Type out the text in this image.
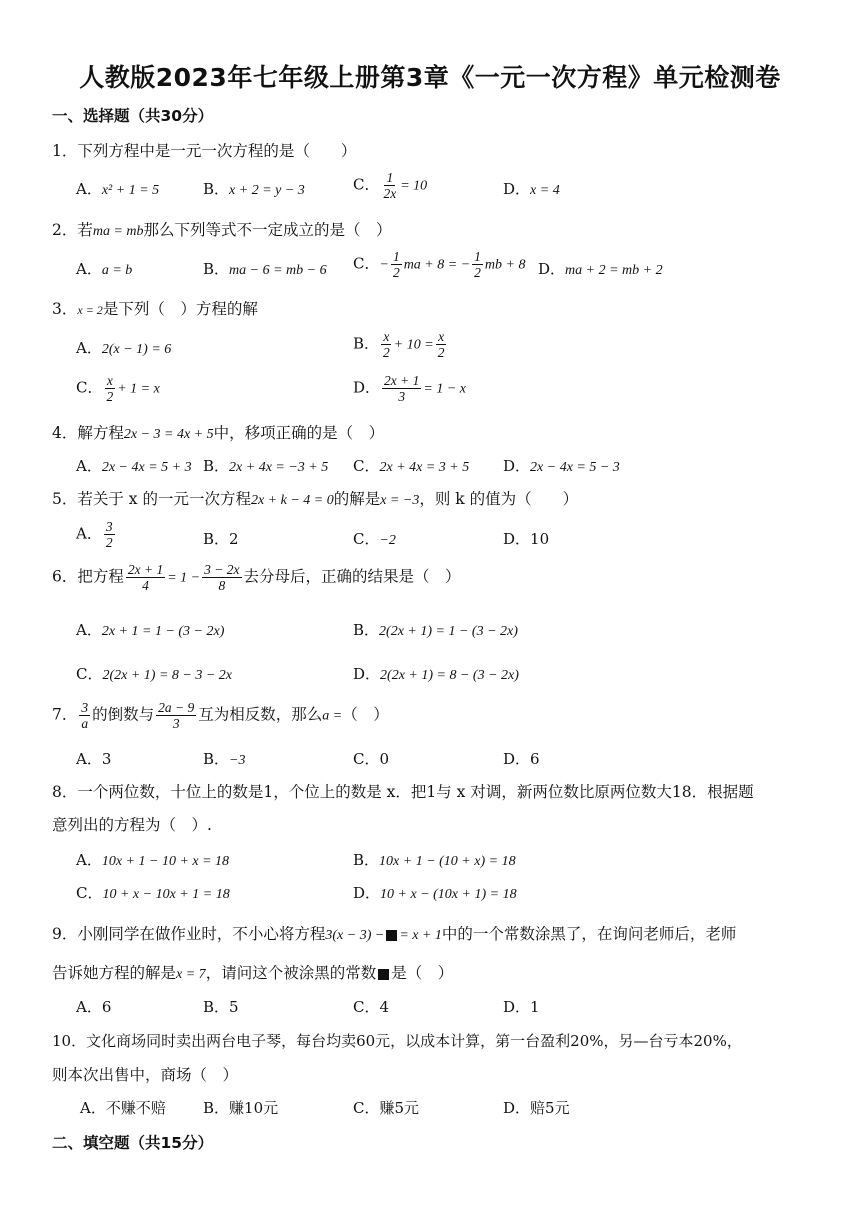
人教版2023年七年级上册第3章《一元一次方程》单元检测卷
一、选择题（共30分）
1．下列方程中是一元一次方程的是（　　）
A．x² + 1 = 5	B．x + 2 = y − 3	C． $\frac{1}{2x} = 10$	D．x = 4
2．若ma = mb那么下列等式不一定成立的是（　）
A．a = b	B．ma − 6 = mb − 6 C．− $\frac{1}{2}$ ma + 8 = − $\frac{1}{2}$ mb + 8 D．ma + 2 = mb + 2
3．x = 2是下列（　）方程的解
A．2(x − 1) = 6	B． $\frac{x}{2} + 10 = \frac{x}{2}$
C． $\frac{x}{2} + 1 = x$	D． $\frac{2x + 1}{3} = 1 - x$
4．解方程2x − 3 = 4x + 5中，移项正确的是（　）
A．2x − 4x = 5 + 3 B．2x + 4x = −3 + 5 C．2x + 4x = 3 + 5 D．2x − 4x = 5 − 3
5．若关于 x 的一元一次方程2x + k − 4 = 0的解是x = −3，则 k 的值为（　　）
A． $\frac{3}{2}$	B．2	C．−2	D．10
6．把方程 $\frac{2x + 1}{4} = 1 - \frac{3 - 2x}{8}$ 去分母后，正确的结果是（　）
A．2x + 1 = 1 − (3 − 2x)	B．2(2x + 1) = 1 − (3 − 2x)
C．2(2x + 1) = 8 − 3 − 2x	D．2(2x + 1) = 8 − (3 − 2x)
7． $\frac{3}{a}$ 的倒数与 $\frac{2a - 9}{3}$ 互为相反数，那么a =（　）
A．3	B．−3	C．0	D．6
8．一个两位数，十位上的数是1，个位上的数是 x．把1与 x 对调，新两位数比原两位数大18．根据题
意列出的方程为（　）.
A．10x + 1 − 10 + x = 18	B．10x + 1 − (10 + x) = 18
C．10 + x − 10x + 1 = 18	D．10 + x − (10x + 1) = 18
9．小刚同学在做作业时，不小心将方程3(x − 3) − = x + 1中的一个常数涂黑了，在询问老师后，老师
告诉她方程的解是x = 7，请问这个被涂黑的常数 是（　）
A．6	B．5	C．4	D．1
10．文化商场同时卖出两台电子琴，每台均卖60元，以成本计算，第一台盈利20%，另—台亏本20%，
则本次出售中，商场（　）
A．不赚不赔 B．赚10元	C．赚5元	D．赔5元
二、填空题（共15分）
